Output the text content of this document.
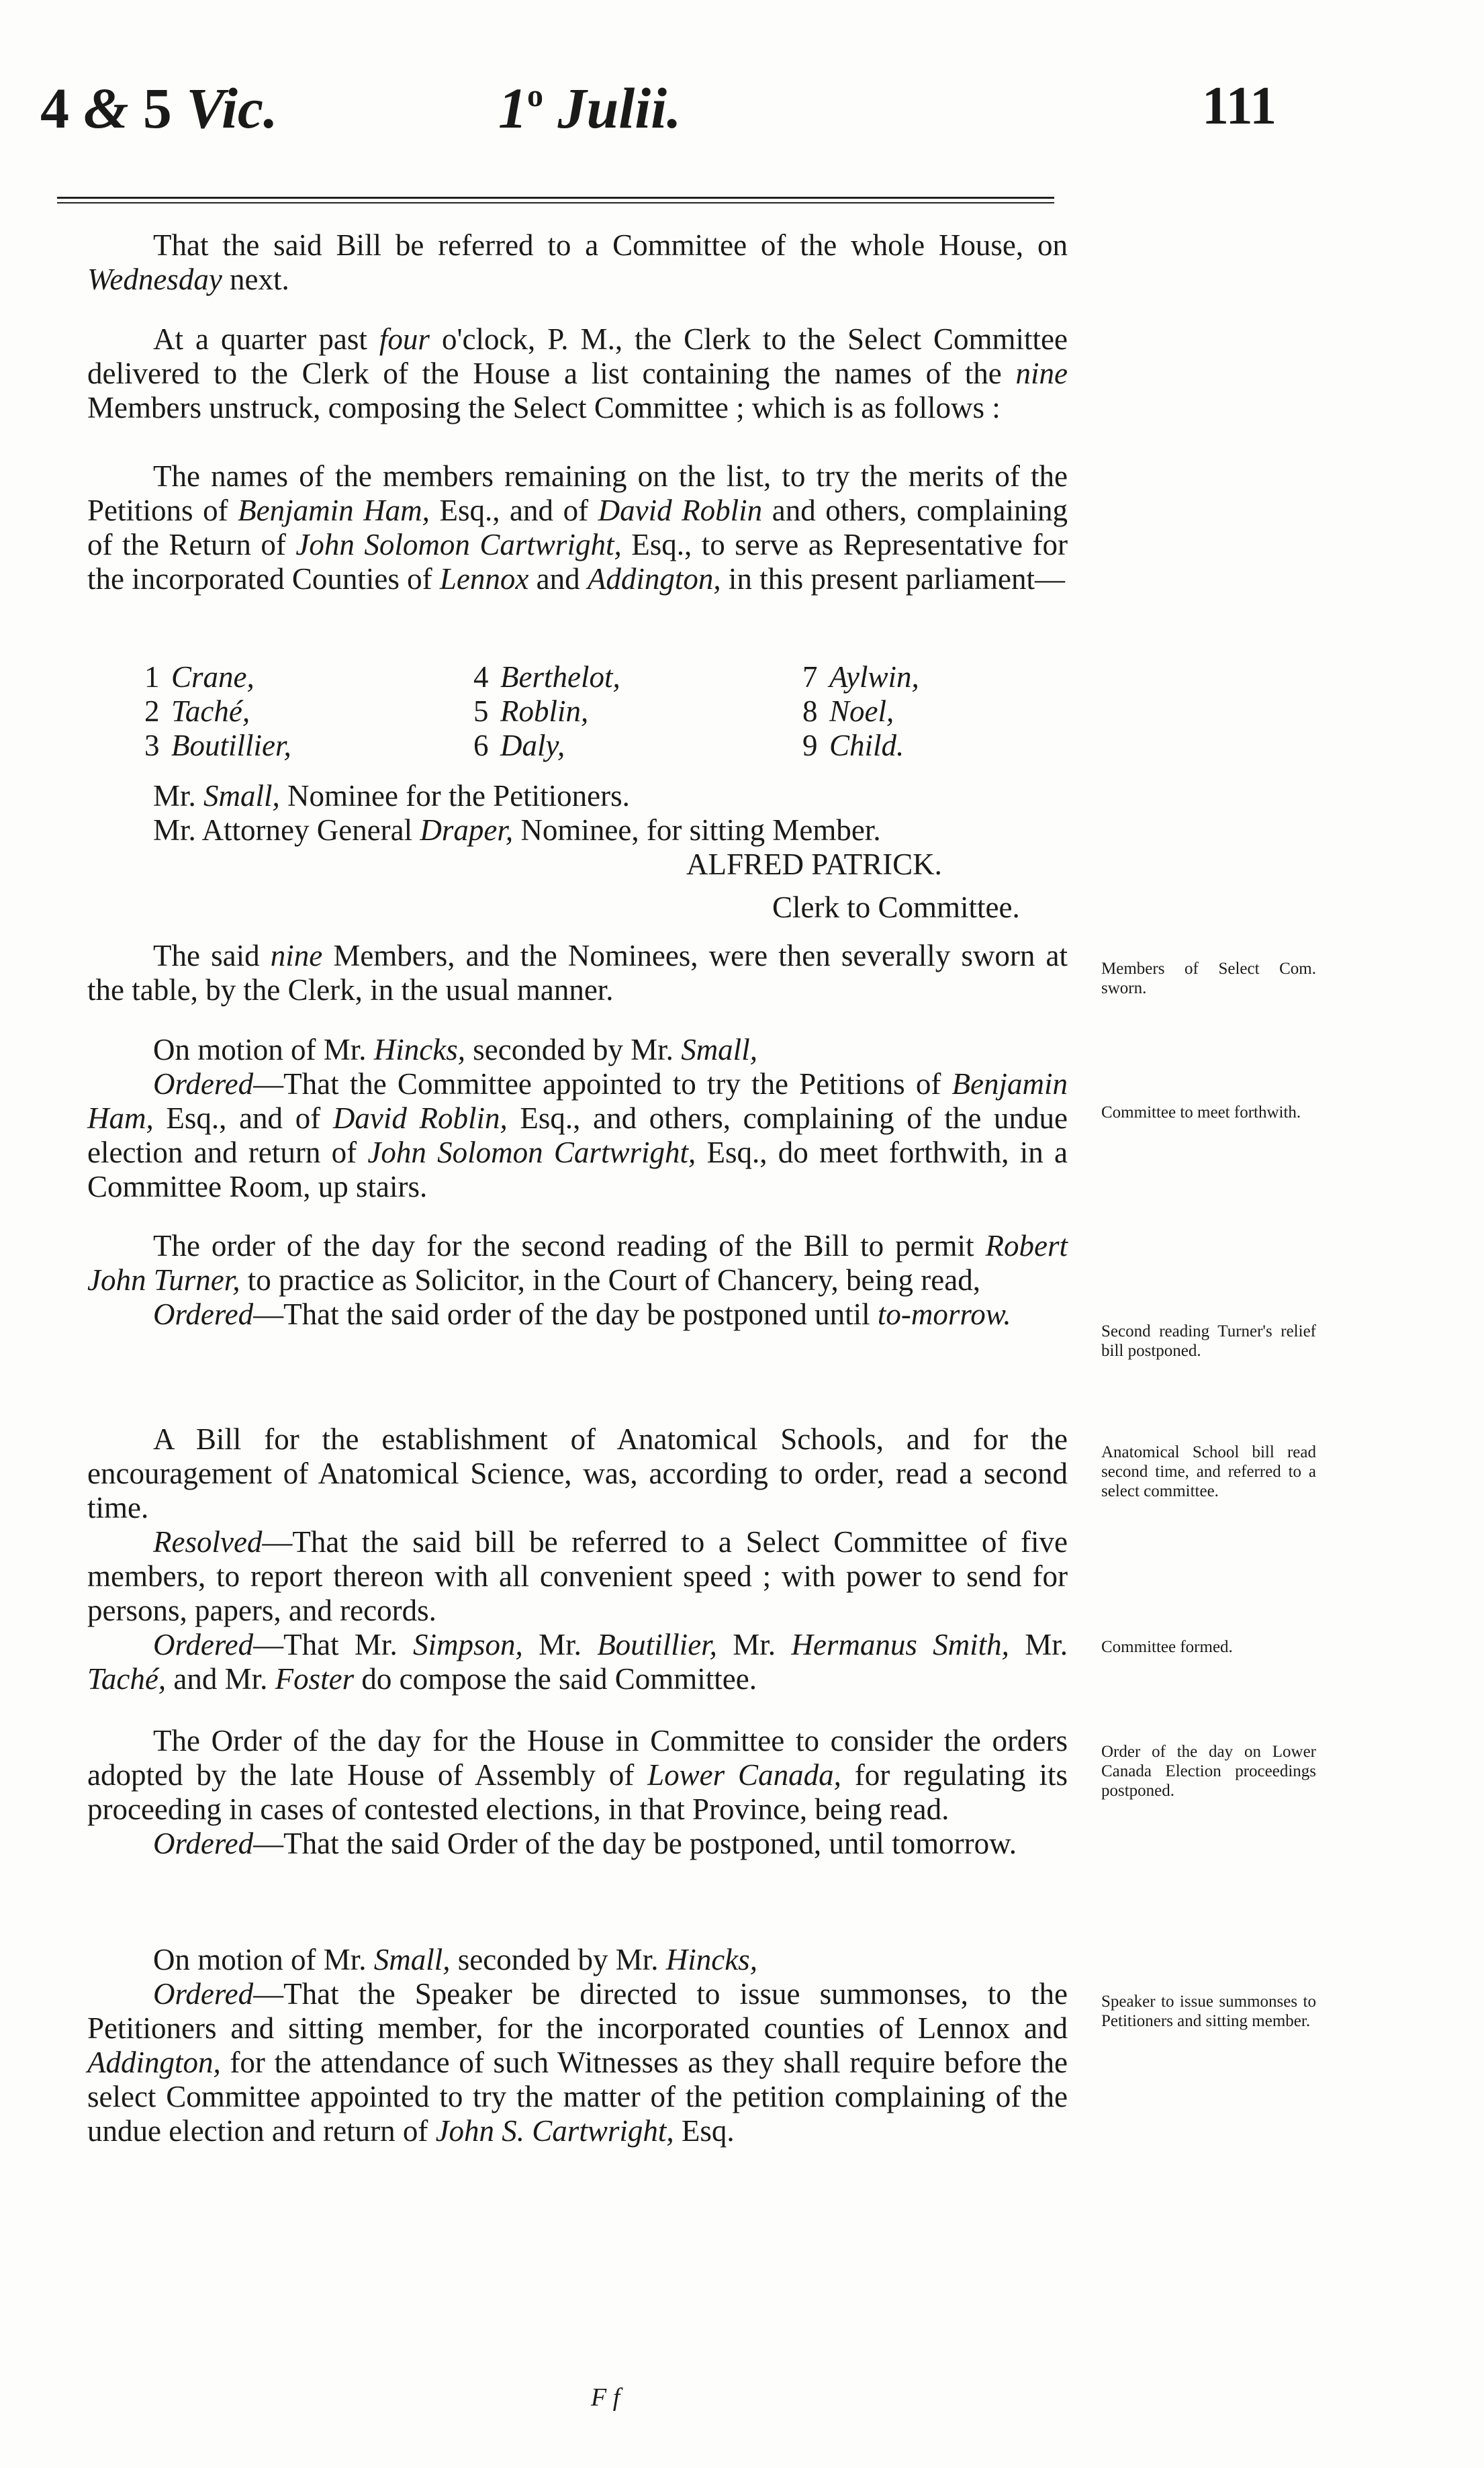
4 & 5 Vic.	1$^o$ Julii.	111

That the said Bill be referred to a Committee of the whole House, on Wednesday next.

At a quarter past four o'clock, P. M., the Clerk to the Select Committee delivered to the Clerk of the House a list containing the names of the nine Members unstruck, composing the Select Committee ; which is as follows :

The names of the members remaining on the list, to try the merits of the Petitions of Benjamin Ham, Esq., and of David Roblin and others, complaining of the Return of John Solomon Cartwright, Esq., to serve as Representative for the incorporated Counties of Lennox and Addington, in this present parliament—

1 Crane,
2 Taché,
3 Boutillier,
4 Berthelot,
5 Roblin,
6 Daly,
7 Aylwin,
8 Noel,
9 Child.

Mr. Small, Nominee for the Petitioners.

Mr. Attorney General Draper, Nominee, for sitting Member.

ALFRED PATRICK.
Clerk to Committee.

The said nine Members, and the Nominees, were then severally sworn at the table, by the Clerk, in the usual manner.

Members of Select Com. sworn.

On motion of Mr. Hincks, seconded by Mr. Small,

Ordered—That the Committee appointed to try the Petitions of Benjamin Ham, Esq., and of David Roblin, Esq., and others, complaining of the undue election and return of John Solomon Cartwright, Esq., do meet forthwith, in a Committee Room, up stairs.

Committee to meet forthwith.

The order of the day for the second reading of the Bill to permit Robert John Turner, to practice as Solicitor, in the Court of Chancery, being read,

Ordered—That the said order of the day be postponed until to-morrow.

Second reading Turner's relief bill postponed.

A Bill for the establishment of Anatomical Schools, and for the encouragement of Anatomical Science, was, according to order, read a second time.

Resolved—That the said bill be referred to a Select Committee of five members, to report thereon with all convenient speed ; with power to send for persons, papers, and records.

Ordered—That Mr. Simpson, Mr. Boutillier, Mr. Hermanus Smith, Mr. Taché, and Mr. Foster do compose the said Committee.

Anatomical School bill read second time, and referred to a select committee.
Committee formed.

The Order of the day for the House in Committee to consider the orders adopted by the late House of Assembly of Lower Canada, for regulating its proceeding in cases of contested elections, in that Province, being read.

Ordered—That the said Order of the day be postponed, until tomorrow.

Order of the day on Lower Canada Election proceedings postponed.

On motion of Mr. Small, seconded by Mr. Hincks,

Ordered—That the Speaker be directed to issue summonses, to the Petitioners and sitting member, for the incorporated counties of Lennox and Addington, for the attendance of such Witnesses as they shall require before the select Committee appointed to try the matter of the petition complaining of the undue election and return of John S. Cartwright, Esq.

Speaker to issue summonses to Petitioners and sitting member.
F f
